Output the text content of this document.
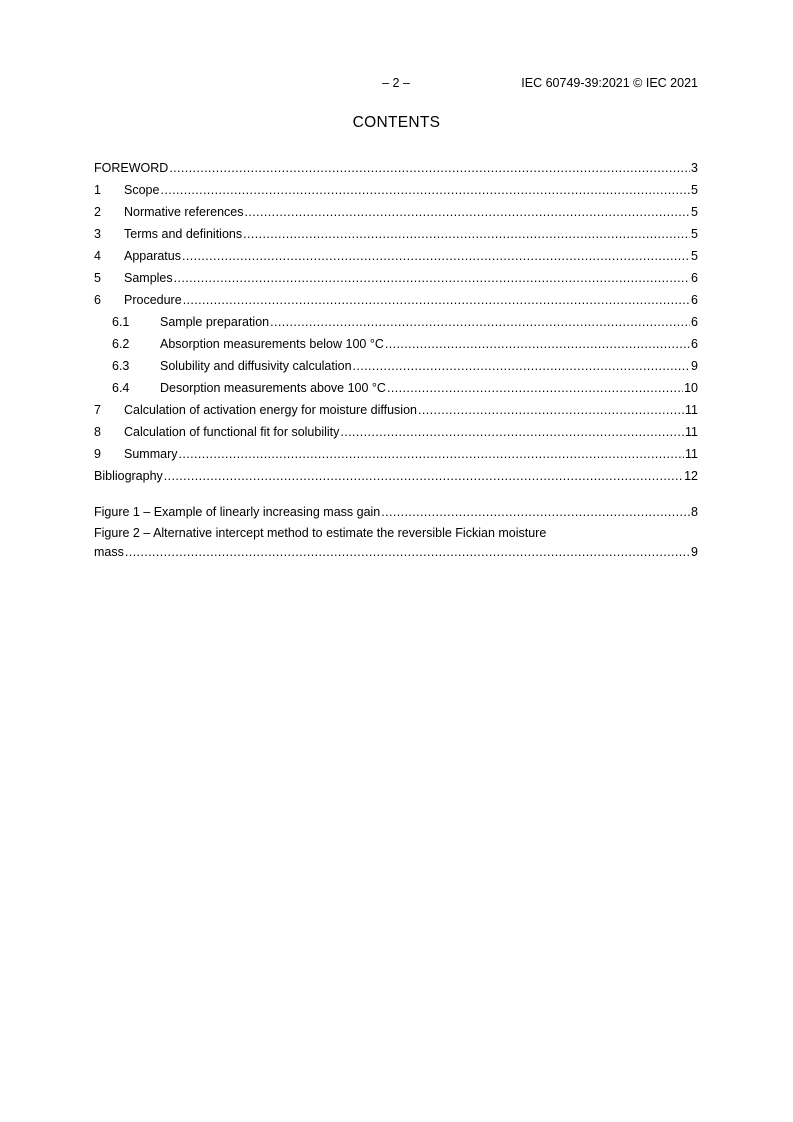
– 2 –	IEC 60749-39:2021 © IEC 2021
CONTENTS
FOREWORD .....	3
1	Scope .....	5
2	Normative references .....	5
3	Terms and definitions .....	5
4	Apparatus .....	5
5	Samples .....	6
6	Procedure .....	6
6.1	Sample preparation .....	6
6.2	Absorption measurements below 100 °C .....	6
6.3	Solubility and diffusivity calculation .....	9
6.4	Desorption measurements above 100 °C .....	10
7	Calculation of activation energy for moisture diffusion .....	11
8	Calculation of functional fit for solubility .....	11
9	Summary .....	11
Bibliography .....	12
Figure 1 – Example of linearly increasing mass gain .....	8
Figure 2 – Alternative intercept method to estimate the reversible Fickian moisture
mass .....	9
